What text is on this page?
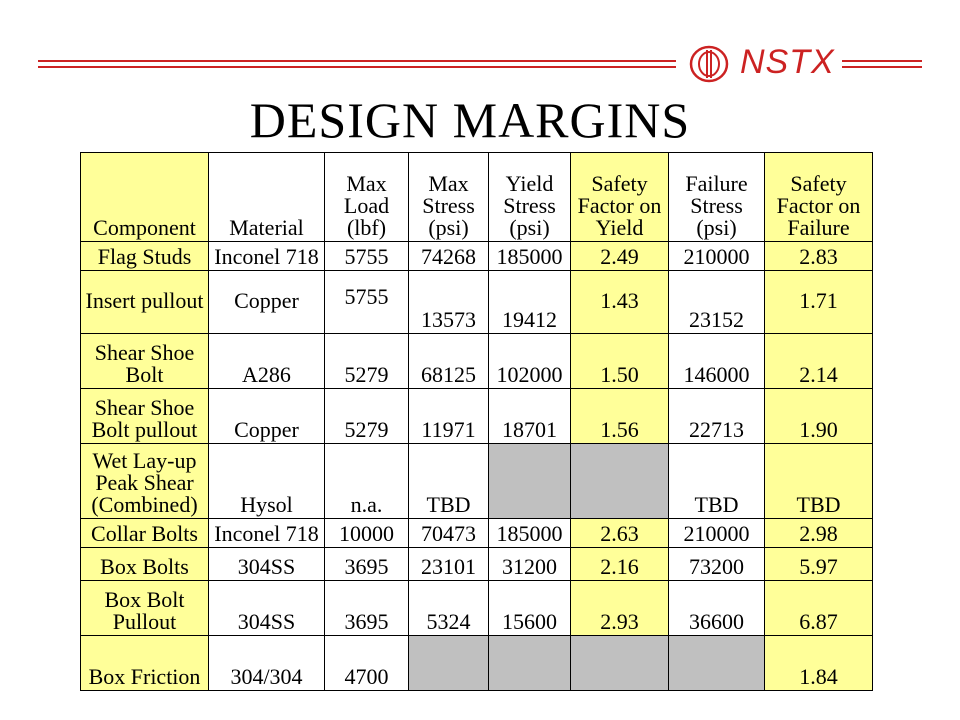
NSTX
DESIGN MARGINS
Component	Material	Max
Load
(lbf)	Max
Stress
(psi)	Yield
Stress
(psi)	Safety
Factor on
Yield	Failure
Stress
(psi)	Safety
Factor on
Failure

Flag Studs	Inconel 718	5755	74268	185000	2.49	210000	2.83
Insert pullout	Copper	5755	13573	19412	1.43	23152	1.71

Shear Shoe
Bolt	A286	5279	68125	102000	1.50	146000	2.14

Shear Shoe
Bolt pullout	Copper	5279	11971	18701	1.56	22713	1.90

Wet Lay-up
Peak Shear
(Combined)	Hysol	n.a.	TBD			TBD	TBD
Collar Bolts	Inconel 718	10000	70473	185000	2.63	210000	2.98
Box Bolts	304SS	3695	23101	31200	2.16	73200	5.97

Box Bolt
Pullout	304SS	3695	5324	15600	2.93	36600	6.87
Box Friction	304/304	4700					1.84
